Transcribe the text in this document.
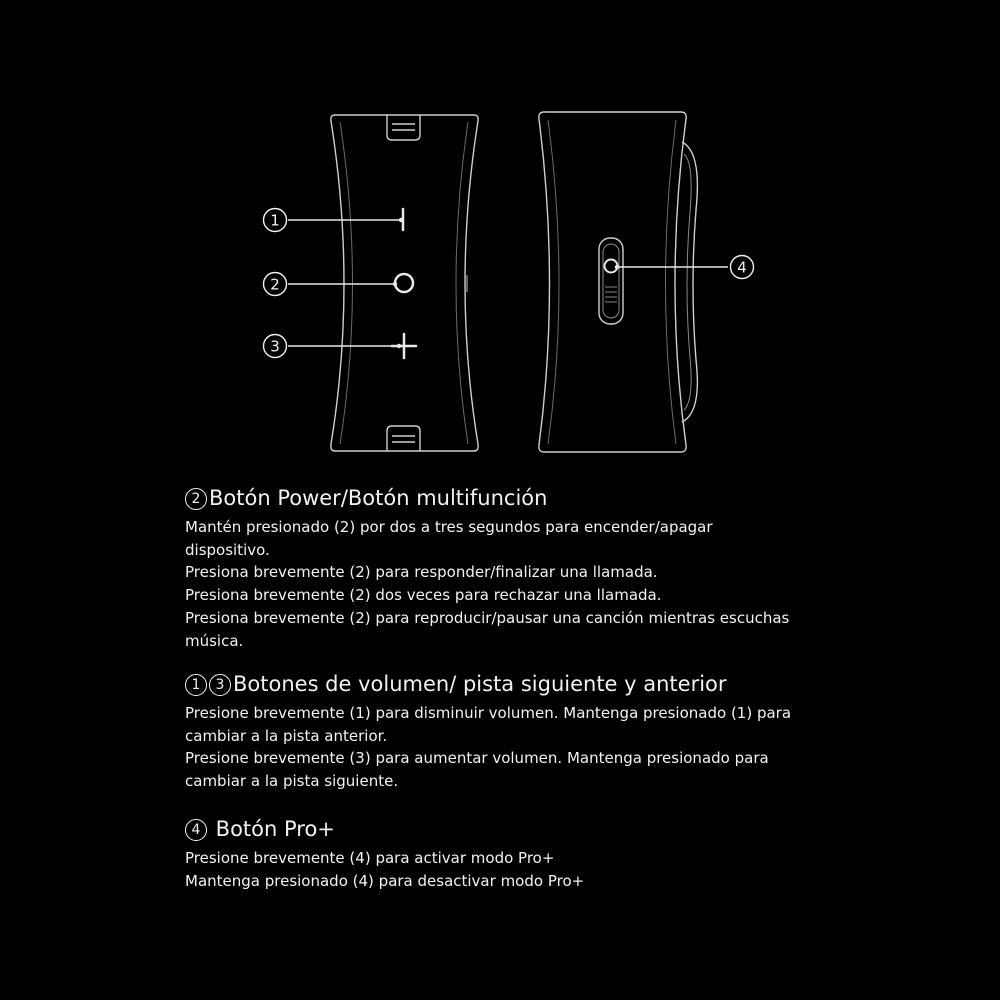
1
2
3
4
2 Botón Power/Botón multifunción

Mantén presionado (2) por dos a tres segundos para encender/apagar

dispositivo.

Presiona brevemente (2) para responder/finalizar una llamada.

Presiona brevemente (2) dos veces para rechazar una llamada.

Presiona brevemente (2) para reproducir/pausar una canción mientras escuchas

música.

1 3 Botones de volumen/ pista siguiente y anterior

Presione brevemente (1) para disminuir volumen. Mantenga presionado (1) para

cambiar a la pista anterior.

Presione brevemente (3) para aumentar volumen. Mantenga presionado para

cambiar a la pista siguiente.

4 Botón Pro+

Presione brevemente (4) para activar modo Pro+

Mantenga presionado (4) para desactivar modo Pro+
